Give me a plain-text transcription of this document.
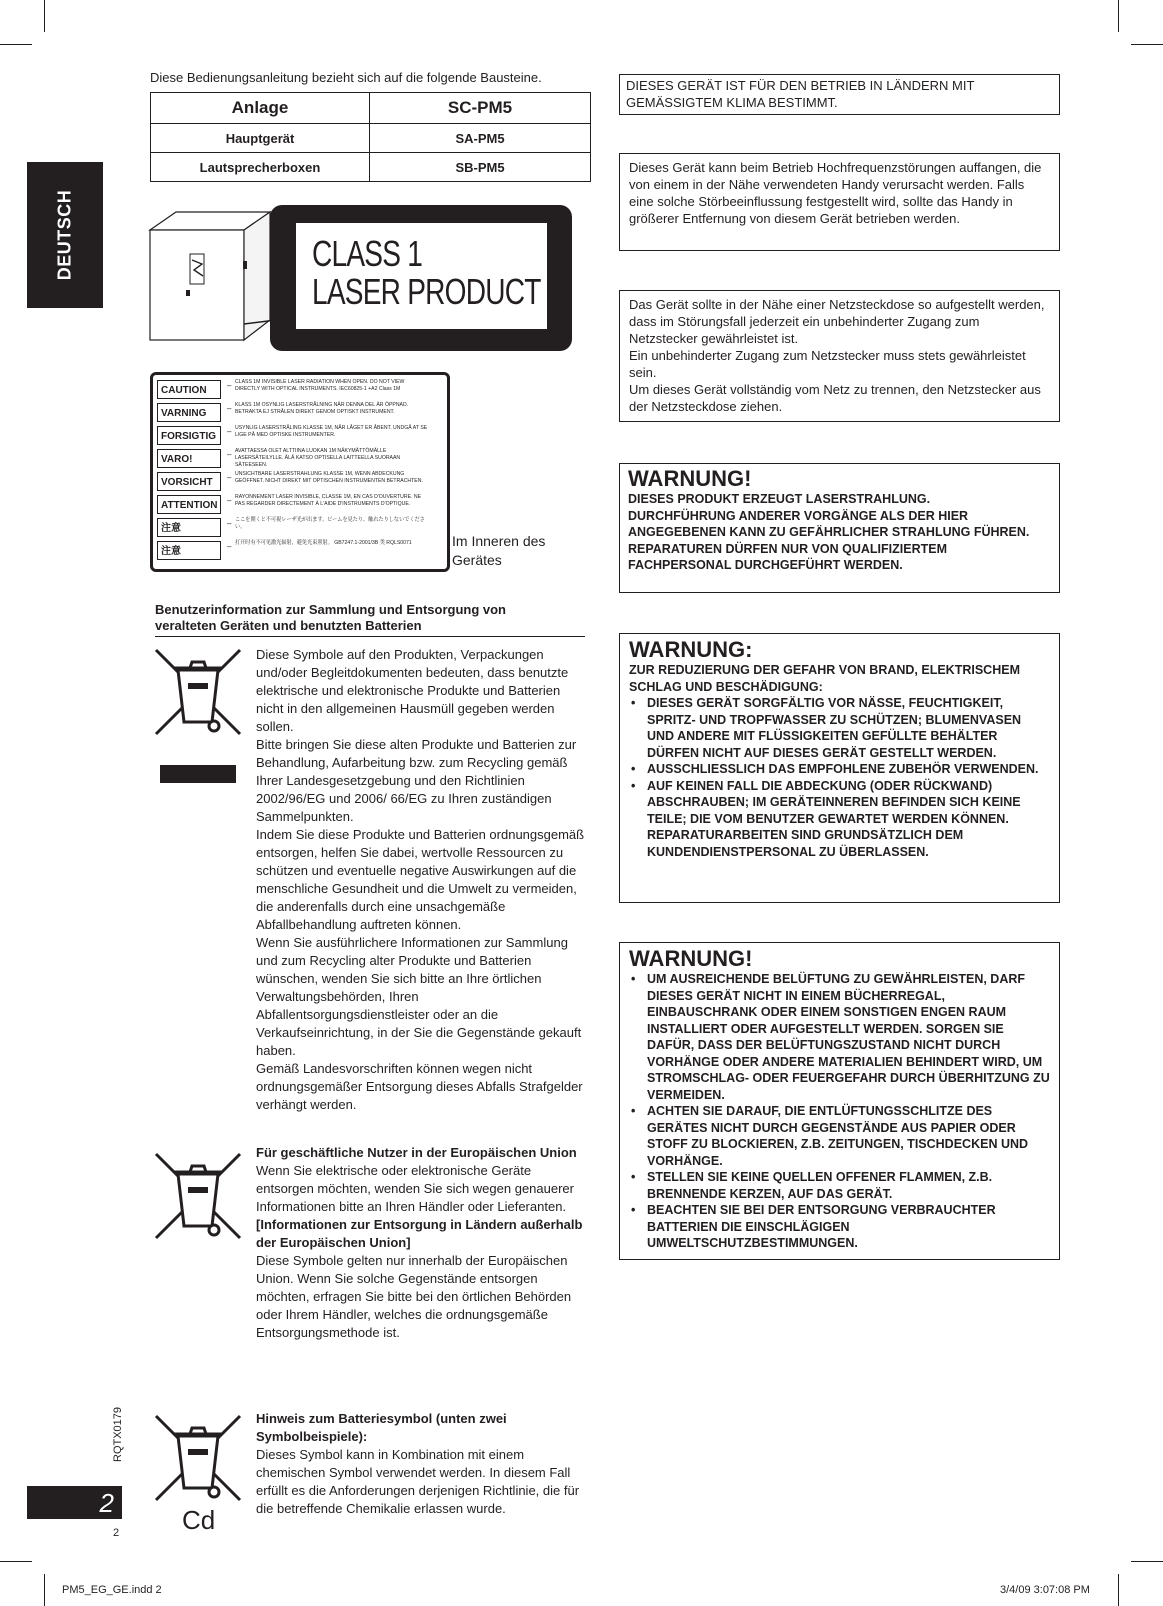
DEUTSCH
Diese Bedienungsanleitung bezieht sich auf die folgende Bausteine.
Anlage	SC-PM5
Hauptgerät	SA-PM5
Lautsprecherboxen	SB-PM5
CLASS 1
LASER PRODUCT
CAUTION	– CLASS 1M INVISIBLE LASER RADIATION WHEN OPEN. DO NOT VIEW DIRECTLY WITH OPTICAL INSTRUMENTS. IEC60825-1 +A2 Class 1M
VARNING	– KLASS 1M OSYNLIG LASERSTRÅLNING NÄR DENNA DEL ÄR ÖPPNAD. BETRAKTA EJ STRÅLEN DIREKT GENOM OPTISKT INSTRUMENT.
FORSIGTIG	– USYNLIG LASERSTRÅLING KLASSE 1M, NÅR LÅGET ER ÅBENT. UNDGÅ AT SE LIGE PÅ MED OPTISKE INSTRUMENTER.
VARO!	– AVATTAESSA OLET ALTTIINA LUOKAN 1M NÄKYMÄTTÖMÄLLE LASERSÄTEILYLLE. ÄLÄ KATSO OPTISELLA LAITTEELLA SUORAAN SÄTEESEEN.
VORSICHT	– UNSICHTBARE LASERSTRAHLUNG KLASSE 1M, WENN ABDECKUNG GEÖFFNET. NICHT DIREKT MIT OPTISCHEN INSTRUMENTEN BETRACHTEN.
ATTENTION	– RAYONNEMENT LASER INVISIBLE, CLASSE 1M, EN CAS D'OUVERTURE. NE PAS REGARDER DIRECTEMENT À L'AIDE D'INSTRUMENTS D'OPTIQUE.
注意	– ここを開くと不可視レーザ光が出ます。ビームを見たり、触れたりしないでください。
注意	– 打开时有不可见激光辐射，避免光束照射。 GB7247.1-2001/3B 类 RQLS0071	Im Inneren des
Gerätes
Benutzerinformation zur Sammlung und Entsorgung von
veralteten Geräten und benutzten Batterien
Cd
Diese Symbole auf den Produkten, Verpackungen und/oder Begleitdokumenten bedeuten, dass benutzte elektrische und elektronische Produkte und Batterien nicht in den allgemeinen Hausmüll gegeben werden sollen.
Bitte bringen Sie diese alten Produkte und Batterien zur Behandlung, Aufarbeitung bzw. zum Recycling gemäß Ihrer Landesgesetzgebung und den Richtlinien 2002/96/EG und 2006/ 66/EG zu Ihren zuständigen Sammelpunkten.
Indem Sie diese Produkte und Batterien ordnungsgemäß entsorgen, helfen Sie dabei, wertvolle Ressourcen zu schützen und eventuelle negative Auswirkungen auf die menschliche Gesundheit und die Umwelt zu vermeiden, die anderenfalls durch eine unsachgemäße Abfallbehandlung auftreten können.
Wenn Sie ausführlichere Informationen zur Sammlung und zum Recycling alter Produkte und Batterien wünschen, wenden Sie sich bitte an Ihre örtlichen Verwaltungsbehörden, Ihren Abfallentsorgungsdienstleister oder an die Verkaufseinrichtung, in der Sie die Gegenstände gekauft haben.
Gemäß Landesvorschriften können wegen nicht ordnungsgemäßer Entsorgung dieses Abfalls Strafgelder verhängt werden.
Für geschäftliche Nutzer in der Europäischen Union
Wenn Sie elektrische oder elektronische Geräte entsorgen möchten, wenden Sie sich wegen genauerer Informationen bitte an Ihren Händler oder Lieferanten.
[Informationen zur Entsorgung in Ländern außerhalb der Europäischen Union]
Diese Symbole gelten nur innerhalb der Europäischen Union. Wenn Sie solche Gegenstände entsorgen möchten, erfragen Sie bitte bei den örtlichen Behörden oder Ihrem Händler, welches die ordnungsgemäße Entsorgungsmethode ist.
Hinweis zum Batteriesymbol (unten zwei Symbolbeispiele):
Dieses Symbol kann in Kombination mit einem chemischen Symbol verwendet werden. In diesem Fall erfüllt es die Anforderungen derjenigen Richtlinie, die für die betreffende Chemikalie erlassen wurde.
RQTX0179
2
2
PM5_EG_GE.indd 2	3/4/09 3:07:08 PM
DIESES GERÄT IST FÜR DEN BETRIEB IN LÄNDERN MIT GEMÄSSIGTEM KLIMA BESTIMMT.
Dieses Gerät kann beim Betrieb Hochfrequenzstörungen auffangen, die von einem in der Nähe verwendeten Handy verursacht werden. Falls eine solche Störbeeinflussung festgestellt wird, sollte das Handy in größerer Entfernung von diesem Gerät betrieben werden.
Das Gerät sollte in der Nähe einer Netzsteckdose so aufgestellt werden, dass im Störungsfall jederzeit ein unbehinderter Zugang zum Netzstecker gewährleistet ist.
Ein unbehinderter Zugang zum Netzstecker muss stets gewährleistet sein.
Um dieses Gerät vollständig vom Netz zu trennen, den Netzstecker aus der Netzsteckdose ziehen.
WARNUNG!
DIESES PRODUKT ERZEUGT LASERSTRAHLUNG.
DURCHFÜHRUNG ANDERER VORGÄNGE ALS DER HIER ANGEGEBENEN KANN ZU GEFÄHRLICHER STRAHLUNG FÜHREN.
REPARATUREN DÜRFEN NUR VON QUALIFIZIERTEM FACHPERSONAL DURCHGEFÜHRT WERDEN.
WARNUNG:
ZUR REDUZIERUNG DER GEFAHR VON BRAND, ELEKTRISCHEM SCHLAG UND BESCHÄDIGUNG:
• DIESES GERÄT SORGFÄLTIG VOR NÄSSE, FEUCHTIGKEIT, SPRITZ- UND TROPFWASSER ZU SCHÜTZEN; BLUMENVASEN UND ANDERE MIT FLÜSSIGKEITEN GEFÜLLTE BEHÄLTER DÜRFEN NICHT AUF DIESES GERÄT GESTELLT WERDEN.
• AUSSCHLIESSLICH DAS EMPFOHLENE ZUBEHÖR VERWENDEN.
• AUF KEINEN FALL DIE ABDECKUNG (ODER RÜCKWAND) ABSCHRAUBEN; IM GERÄTEINNEREN BEFINDEN SICH KEINE TEILE; DIE VOM BENUTZER GEWARTET WERDEN KÖNNEN. REPARATURARBEITEN SIND GRUNDSÄTZLICH DEM KUNDENDIENSTPERSONAL ZU ÜBERLASSEN.
WARNUNG!
• UM AUSREICHENDE BELÜFTUNG ZU GEWÄHRLEISTEN, DARF DIESES GERÄT NICHT IN EINEM BÜCHERREGAL, EINBAUSCHRANK ODER EINEM SONSTIGEN ENGEN RAUM INSTALLIERT ODER AUFGESTELLT WERDEN. SORGEN SIE DAFÜR, DASS DER BELÜFTUNGSZUSTAND NICHT DURCH VORHÄNGE ODER ANDERE MATERIALIEN BEHINDERT WIRD, UM STROMSCHLAG- ODER FEUERGEFAHR DURCH ÜBERHITZUNG ZU VERMEIDEN.
• ACHTEN SIE DARAUF, DIE ENTLÜFTUNGSSCHLITZE DES GERÄTES NICHT DURCH GEGENSTÄNDE AUS PAPIER ODER STOFF ZU BLOCKIEREN, Z.B. ZEITUNGEN, TISCHDECKEN UND VORHÄNGE.
• STELLEN SIE KEINE QUELLEN OFFENER FLAMMEN, Z.B. BRENNENDE KERZEN, AUF DAS GERÄT.
• BEACHTEN SIE BEI DER ENTSORGUNG VERBRAUCHTER BATTERIEN DIE EINSCHLÄGIGEN UMWELTSCHUTZBESTIMMUNGEN.
